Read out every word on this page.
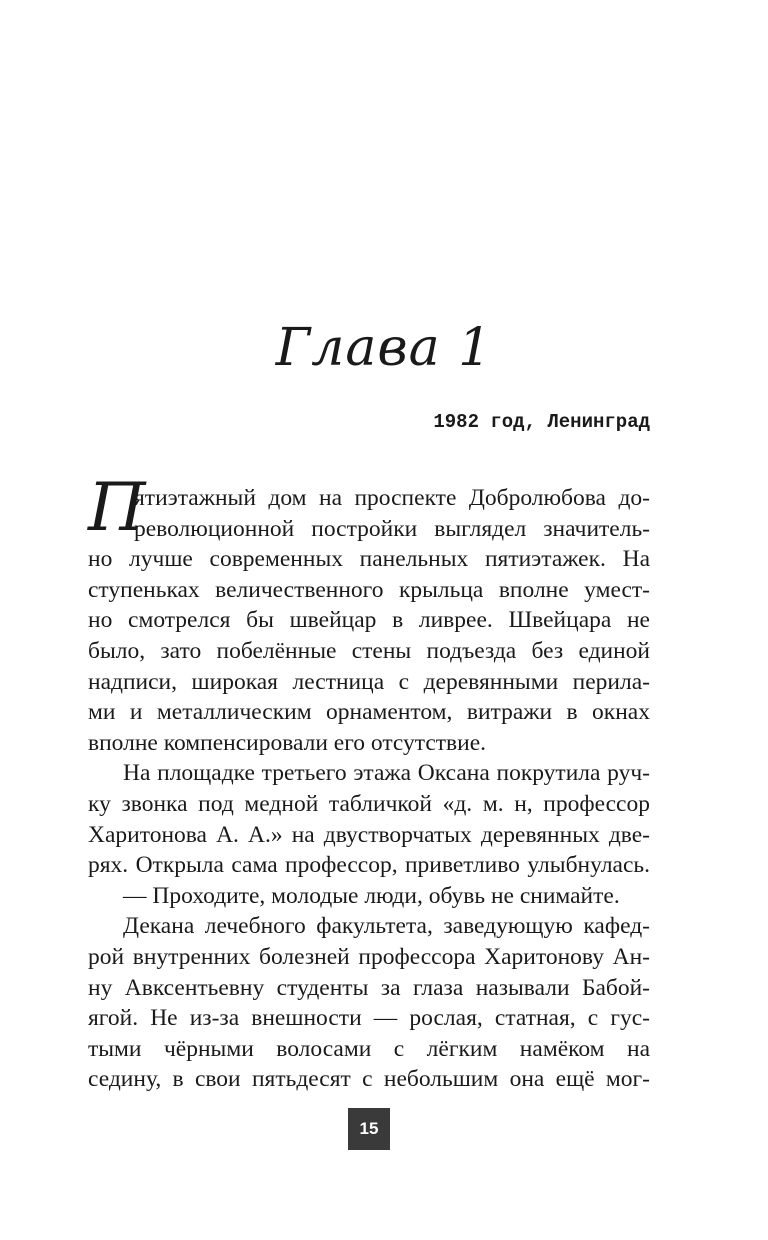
Глава 1
1982 год, Ленинград
П
ятиэтажный дом на проспекте Добролюбова до-
революционной постройки выглядел значитель-
но лучше современных панельных пятиэтажек. На
ступеньках величественного крыльца вполне умест-
но смотрелся бы швейцар в ливрее. Швейцара не
было, зато побелённые стены подъезда без единой
надписи, широкая лестница с деревянными перила-
ми и металлическим орнаментом, витражи в окнах
вполне компенсировали его отсутствие.
На площадке третьего этажа Оксана покрутила руч-
ку звонка под медной табличкой «д. м. н, профессор
Харитонова А. А.» на двустворчатых деревянных две-
рях. Открыла сама профессор, приветливо улыбнулась.
— Проходите, молодые люди, обувь не снимайте.
Декана лечебного факультета, заведующую кафед-
рой внутренних болезней профессора Харитонову Ан-
ну Авксентьевну студенты за глаза называли Бабой-
ягой. Не из-за внешности — рослая, статная, с гус-
тыми чёрными волосами с лёгким намёком на
седину, в свои пятьдесят с небольшим она ещё мог-
15
